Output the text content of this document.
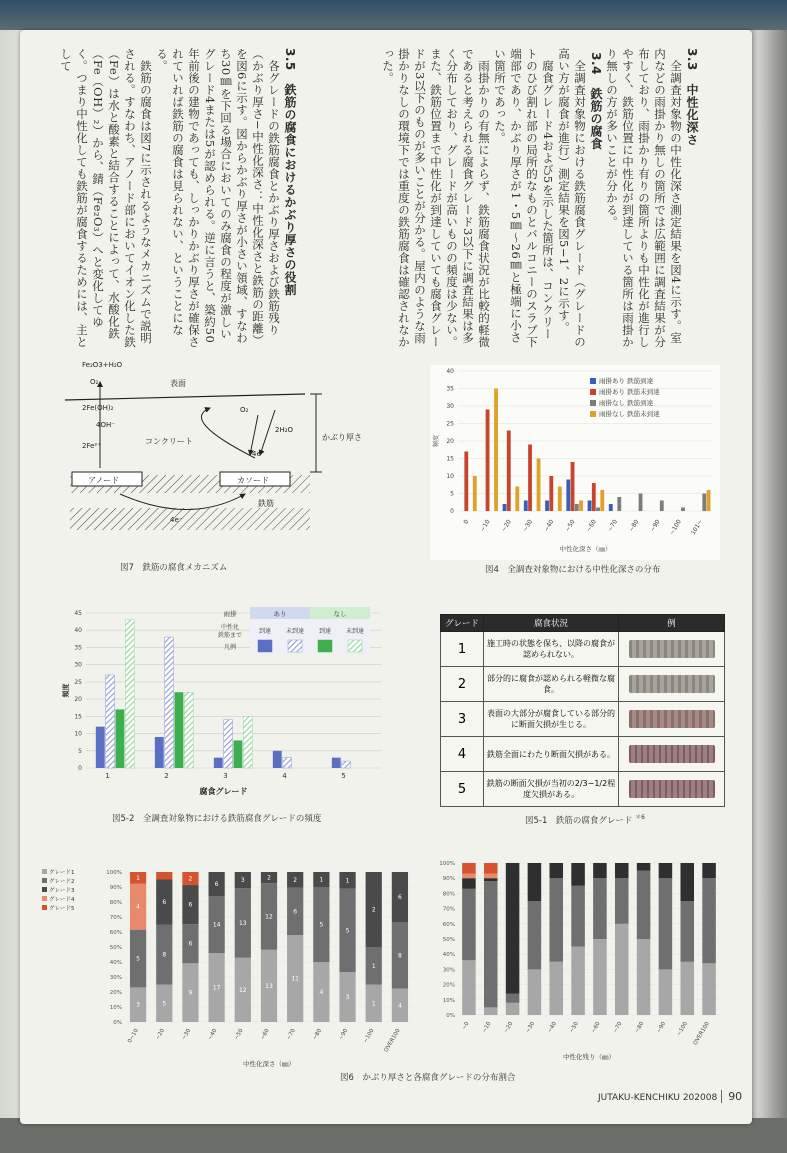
3.3　中性化深さ

全調査対象物の中性化深さ測定結果を図4に示す。室内などの雨掛かり無しの箇所では広範囲に調査結果が分布しており、雨掛かり有りの箇所よりも中性化が進行しやすく、鉄筋位置に中性化が到達している箇所は雨掛かり無しの方が多いことが分かる。

3.4　鉄筋の腐食

全調査対象物における鉄筋腐食グレード（グレードの高い方が腐食が進行）測定結果を図5−1、2に示す。

腐食グレード4および5を示した箇所は、コンクリートのひび割れ部の局所的なものとバルコニーのスラブ下端部であり、かぶり厚さが1・5㎜〜26㎜と極端に小さい箇所であった。

雨掛かりの有無によらず、鉄筋腐食状況が比較的軽微であると考えられる腐食グレード3以下に調査結果は多く分布しており、グレードが高いものの頻度は少ない。また、鉄筋位置まで中性化が到達していても腐食グレードが3以下のものが多いことが分かる。屋内のような雨掛かりなしの環境下では重度の鉄筋腐食は確認されなかった。

3.5　鉄筋の腐食におけるかぶり厚さの役割

各グレードの鉄筋腐食とかぶり厚さおよび鉄筋残り（かぶり厚さ−中性化深さ：中性化深さと鉄筋の距離）を図6に示す。図からかぶり厚さが小さい領域、すなわち30㎜を下回る場合においてのみ腐食の程度が激しいグレード4または5が認められる。逆に言うと、築約50年前後の建物であっても、しっかりかぶり厚さが確保されていれば鉄筋の腐食は見られない、ということになる。

鉄筋の腐食は図7に示されるようなメカニズムで説明される。すなわち、アノード部においてイオン化した鉄（Fe）は水と酸素と結合することによって、水酸化鉄（Fe（OH）₂）から、錆（Fe₂O₃）へと変化してゆく。つまり中性化しても鉄筋が腐食するためには、主として

Fe₂O3+H₂O
O₂	表面
2Fe(OH)₂
4OH⁻
2Fe²⁺
O₂
2H₂O
コンクリート
4e⁻
かぶり厚さ
アノード	カソード
鉄筋
4e⁻
図7　鉄筋の腐食メカニズム
0
5
10
15
20
25
30
35
40
頻度
0 ~10 ~20 ~30 ~40 ~50 ~60 ~70 ~80 ~90 ~100 101~
中性化深さ（㎜）
雨掛あり 鉄筋到達
雨掛あり 鉄筋未到達
雨掛なし 鉄筋到達
雨掛なし 鉄筋未到達
図4　全調査対象物における中性化深さの分布
0
5
10
15
20
25
30
35
40
45
頻度
1	2	3	4	5
腐食グレード
雨掛	あり	なし
中性化
鉄筋まで
凡例
到達 未到達 到達 未到達
図5-2　全調査対象物における鉄筋腐食グレードの頻度
グレード	腐食状況	例
1	施工時の状態を保ち、以降の腐食が認められない。	

2	部分的に腐食が認められる軽微な腐食。	

3	表面の大部分が腐食している部分的に断面欠損が生じる。	

4	鉄筋全面にわたり断面欠損がある。	

5	鉄筋の断面欠損が当初の2/3−1/2程度欠損がある。	
図5-1　鉄筋の腐食グレード $^{*6}$
0%
10%
20%
30%
40%
50%
60%
70%
80%
90%
100%
3
5
4
1
0~10
5
8
6
~20
9
6
6
2
~30
17
14
6
~40
12
13
3
~50
13
12
2
~60
11
6
2
~70
4
5
1
~80
3
5
1
~90
1
1
2
~100
4
8
6
OVER100
中性化深さ（㎜）
グレード1
グレード2
グレード3
グレード4
グレード5
0%
10%
20%
30%
40%
50%
60%
70%
80%
90%
100%
~0 ~10 ~20 ~30 ~40 ~50 ~60 ~70 ~80 ~90 ~100 OVER100
中性化残り（㎜）
図6　かぶり厚さと各腐食グレードの分布割合
JUTAKU-KENCHIKU 202008 90
